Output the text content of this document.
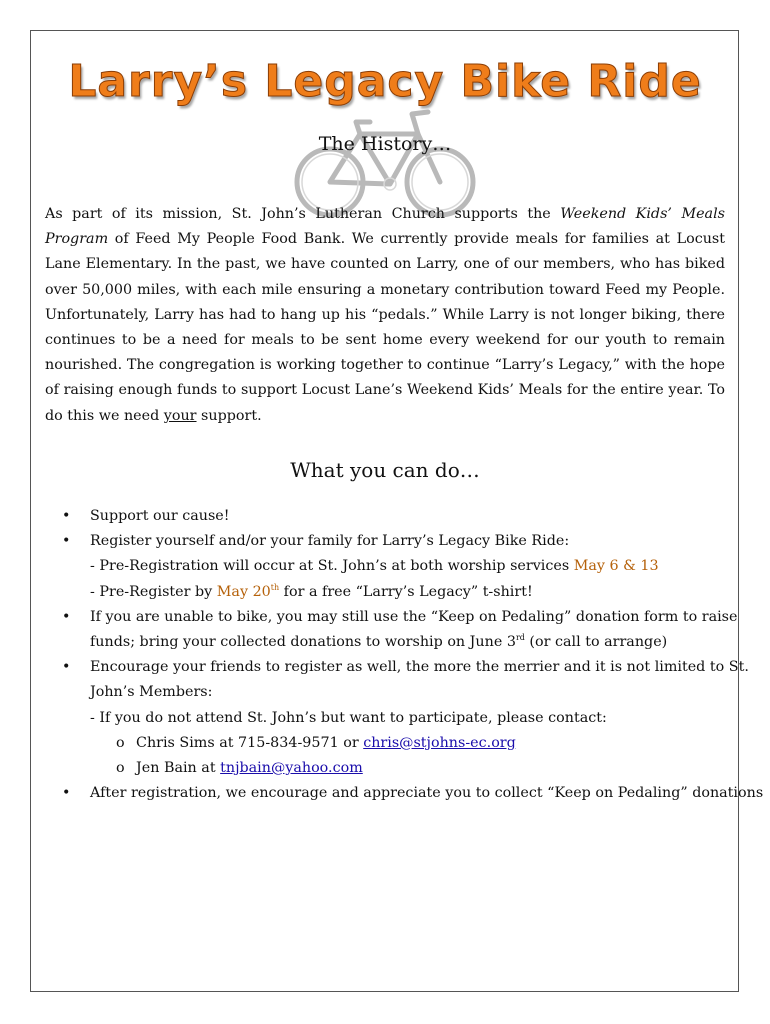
Larry’s Legacy Bike Ride
The History…
As part of its mission, St. John’s Lutheran Church supports the Weekend Kids’ Meals Program of Feed My People Food Bank. We currently provide meals for families at Locust Lane Elementary. In the past, we have counted on Larry, one of our members, who has biked over 50,000 miles, with each mile ensuring a monetary contribution toward Feed my People. Unfortunately, Larry has had to hang up his “pedals.” While Larry is not longer biking, there continues to be a need for meals to be sent home every weekend for our youth to remain nourished. The congregation is working together to continue “Larry’s Legacy,” with the hope of raising enough funds to support Locust Lane’s Weekend Kids’ Meals for the entire year. To do this we need your support.
What you can do…
•	Support our cause!
•	Register yourself and/or your family for Larry’s Legacy Bike Ride:
- Pre-Registration will occur at St. John’s at both worship services May 6 & 13
- Pre-Register by May 20th for a free “Larry’s Legacy” t-shirt!
•	If you are unable to bike, you may still use the “Keep on Pedaling” donation form to raise
funds; bring your collected donations to worship on June 3rd (or call to arrange)
•	Encourage your friends to register as well, the more the merrier and it is not limited to St.
John’s Members:
- If you do not attend St. John’s but want to participate, please contact:
o Chris Sims at 715-834-9571 or chris@stjohns-ec.org
o Jen Bain at tnjbain@yahoo.com
•	After registration, we encourage and appreciate you to collect “Keep on Pedaling” donations
